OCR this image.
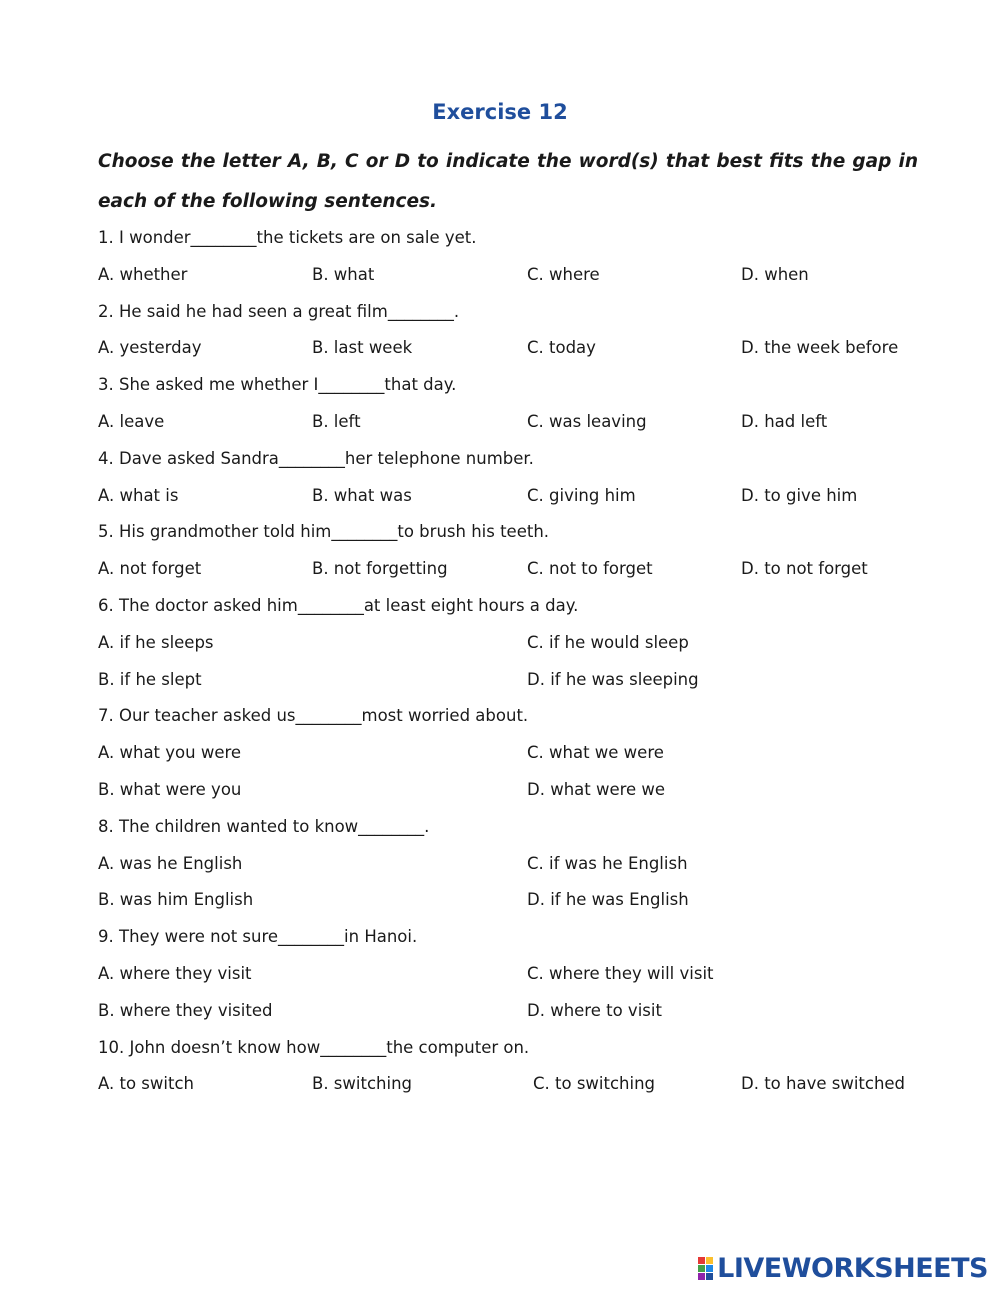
Exercise 12
Choose the letter A, B, C or D to indicate the word(s) that best fits the gap in each of the following sentences.
1. I wonder________the tickets are on sale yet.
A. whether	B. what	C. where	D. when
2. He said he had seen a great film________.
A. yesterday	B. last week	C. today	D. the week before
3. She asked me whether I________that day.
A. leave	B. left	C. was leaving	D. had left
4. Dave asked Sandra________her telephone number.
A. what is	B. what was	C. giving him	D. to give him
5. His grandmother told him________to brush his teeth.
A. not forget	B. not forgetting	C. not to forget	D. to not forget
6. The doctor asked him________at least eight hours a day.
A. if he sleeps	C. if he would sleep
B. if he slept	D. if he was sleeping
7. Our teacher asked us________most worried about.
A. what you were	C. what we were
B. what were you	D. what were we
8. The children wanted to know________.
A. was he English	C. if was he English
B. was him English	D. if he was English
9. They were not sure________in Hanoi.
A. where they visit	C. where they will visit
B. where they visited	D. where to visit
10. John doesn’t know how________the computer on.
A. to switch	B. switching	C. to switching	D. to have switched
LIVEWORKSHEETS
